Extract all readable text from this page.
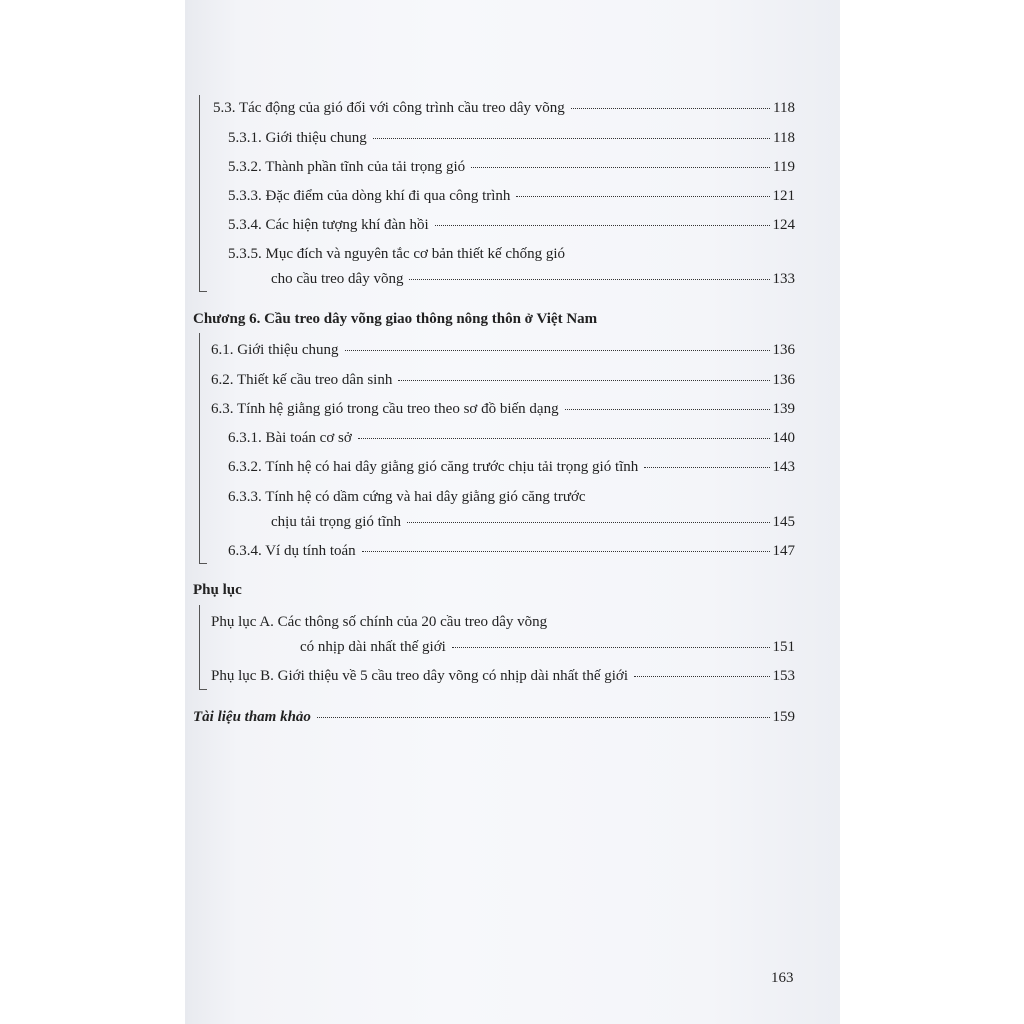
5.3. Tác động của gió đối với công trình cầu treo dây võng	118
5.3.1. Giới thiệu chung	118
5.3.2. Thành phần tĩnh của tải trọng gió	119
5.3.3. Đặc điểm của dòng khí đi qua công trình	121
5.3.4. Các hiện tượng khí đàn hồi	124
5.3.5. Mục đích và nguyên tắc cơ bản thiết kế chống gió
cho cầu treo dây võng	133
Chương 6. Cầu treo dây võng giao thông nông thôn ở Việt Nam
6.1. Giới thiệu chung	136
6.2. Thiết kế cầu treo dân sinh	136
6.3. Tính hệ giằng gió trong cầu treo theo sơ đồ biến dạng	139
6.3.1. Bài toán cơ sở	140
6.3.2. Tính hệ có hai dây giằng gió căng trước chịu tải trọng gió tĩnh	143
6.3.3. Tính hệ có dầm cứng và hai dây giằng gió căng trước
chịu tải trọng gió tĩnh	145
6.3.4. Ví dụ tính toán	147
Phụ lục
Phụ lục A. Các thông số chính của 20 cầu treo dây võng
có nhịp dài nhất thế giới	151
Phụ lục B. Giới thiệu về 5 cầu treo dây võng có nhịp dài nhất thế giới	153
Tài liệu tham khảo	159
163
